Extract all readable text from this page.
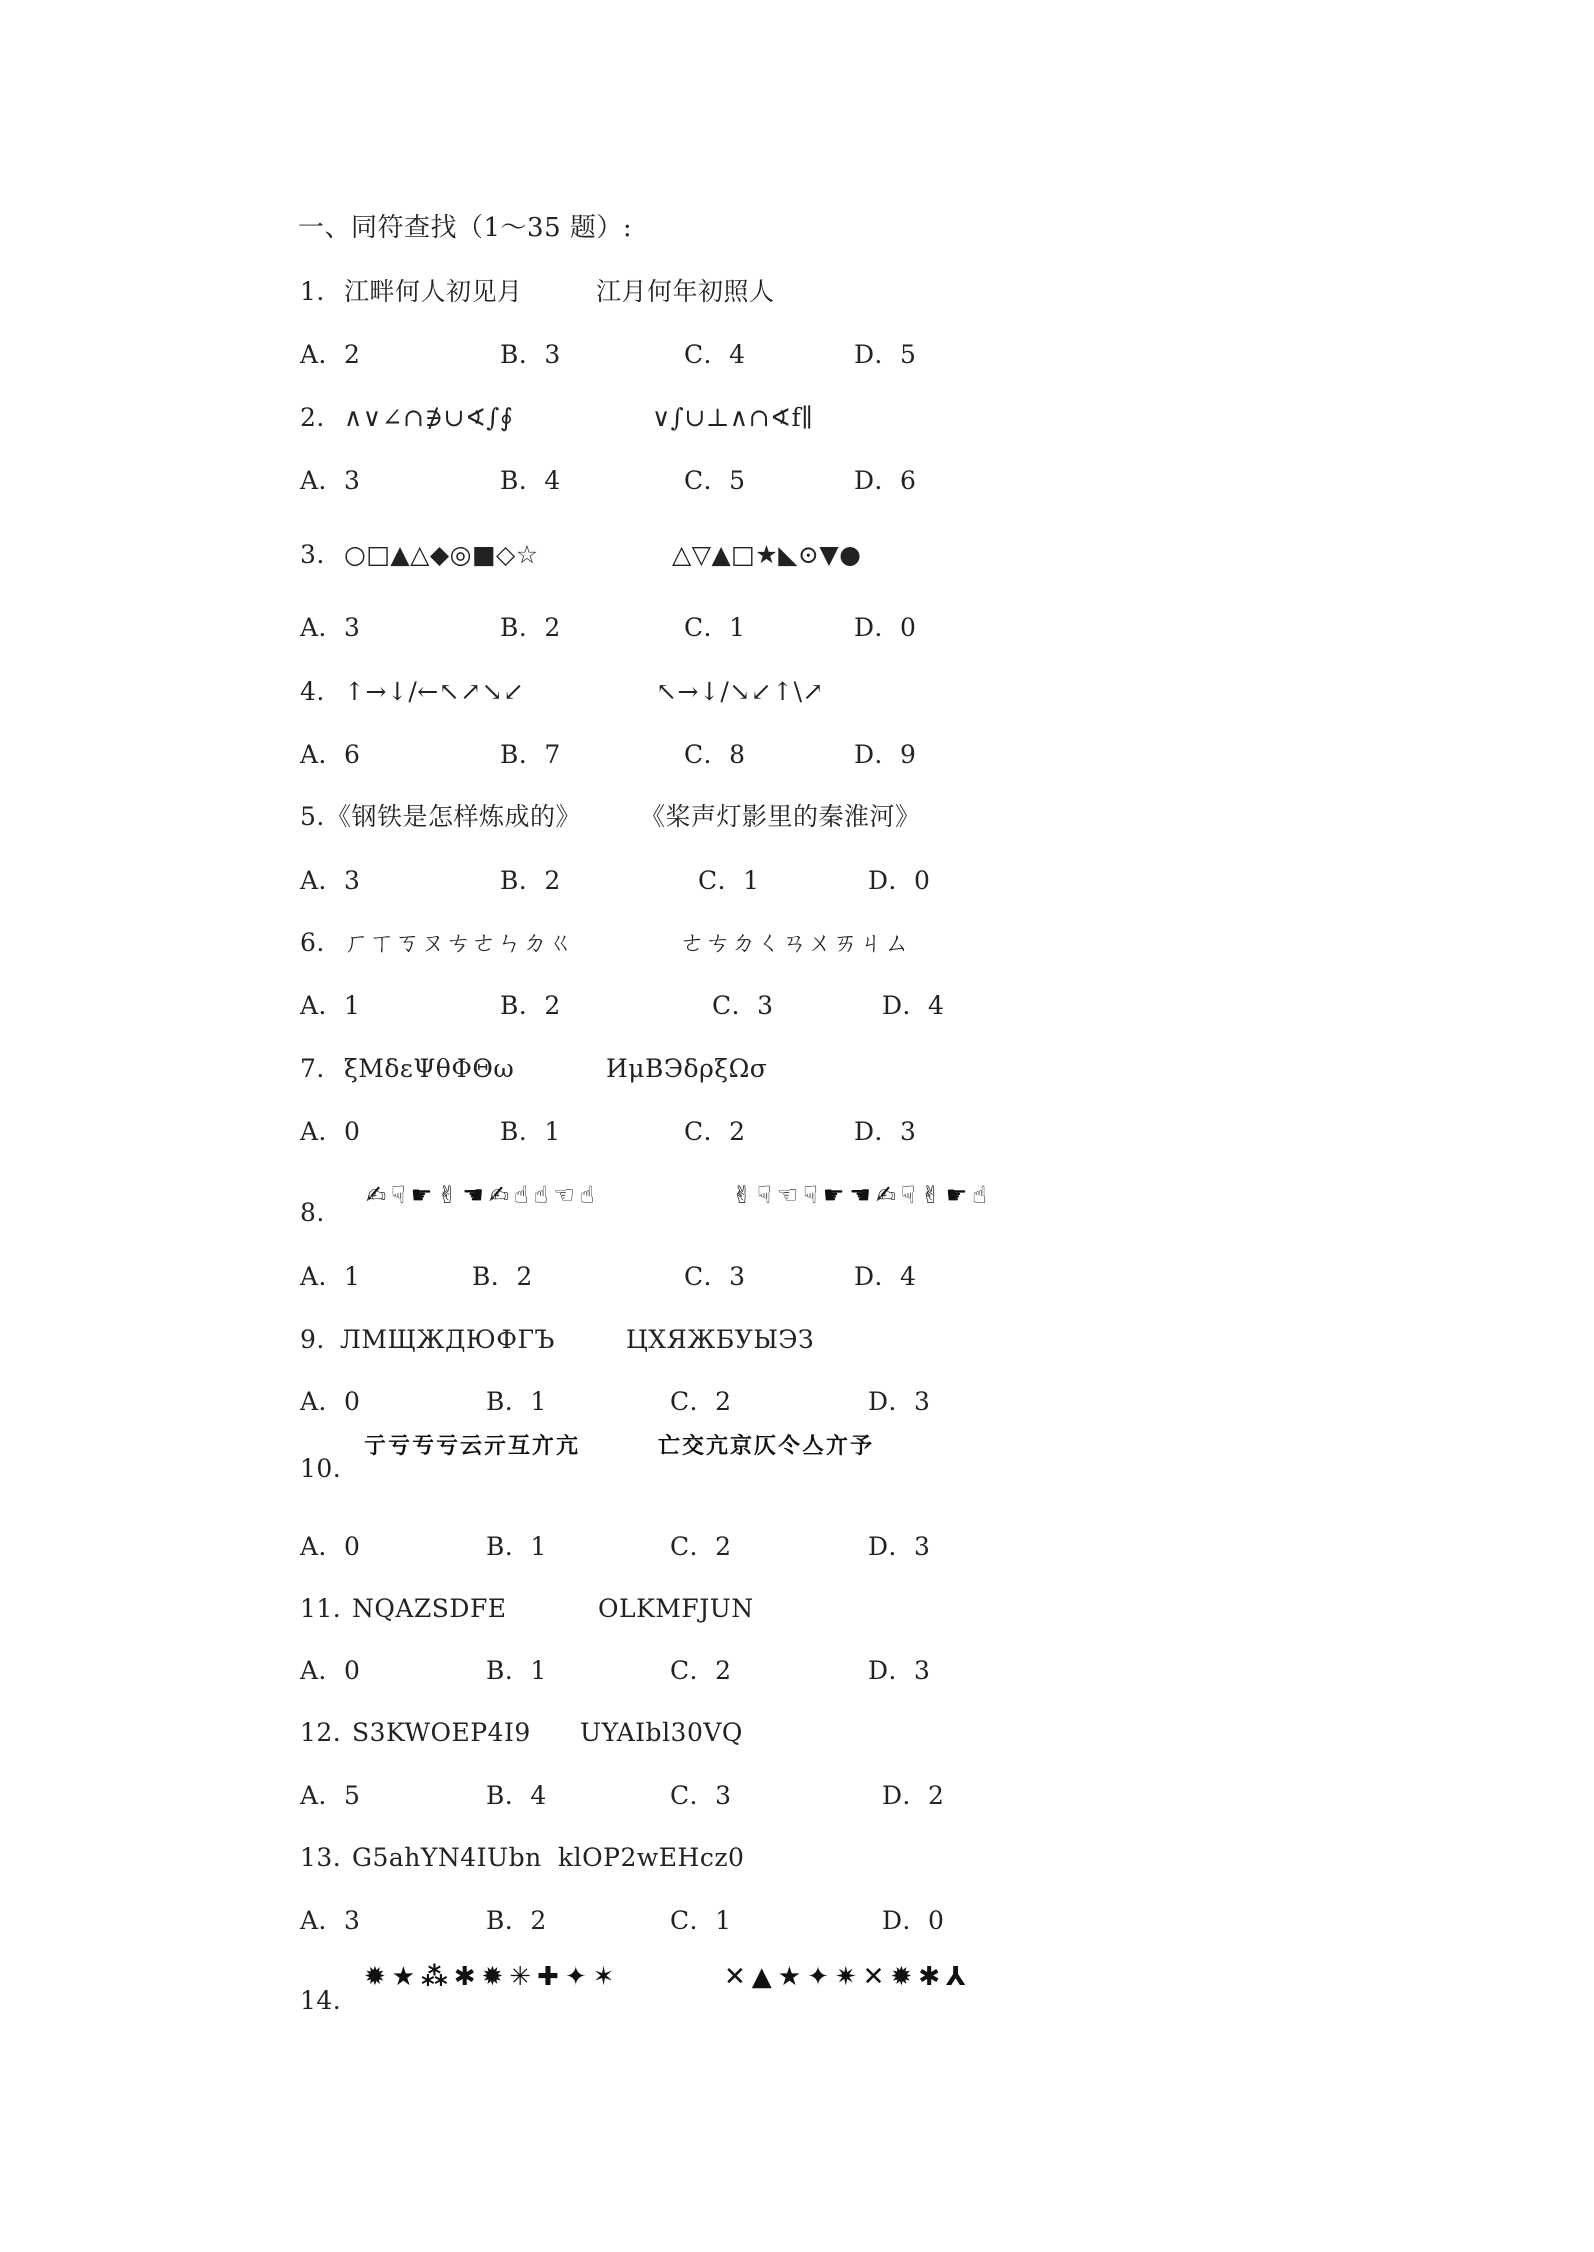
一、同符查找（1～35 题）:
1. 江畔何人初见月	江月何年初照人
A．2	B．3	C．4	D．5
2. ∧∨∠∩∌∪∢∫∮	∨∫∪⊥∧∩∢f∥
A．3	B．4	C．5	D．6
3. ○□▲△◆◎■◇☆	△▽▲□★◣⊙▼●
A．3	B．2	C．1	D．0
4. ↑→↓/←↖↗↘↙	↖→↓/↘↙↑\↗
A．6	B．7	C．8	D．9
5. 《钢铁是怎样炼成的》 《桨声灯影里的秦淮河》
A．3	B．2	C．1	D．0
6. ㄏㄒㄎㄡㄘㄜㄣㄉㄍ	ㄜㄘㄉㄑㄢㄨㄞㄐㄙ
A．1	B．2	C．3	D．4
7. ξMδεΨθΦΘω	ИμBЭδρξΩσ
A．0	B．1	C．2	D．3
8.
✍☟☛✌☚✍☝☝☜☝	✌☟☜☟☛☚✍☟✌☛☝
A．1	B．2	C．3	D．4
9. ЛМЩЖДЮФГЪ	ЦХЯЖБУЫЭЗ
A．0	B．1	C．2	D．3
10.
亍亏亐亏云亓互亣亢	亡交亢京仄仒亼亣予
A．0	B．1	C．2	D．3
11. NQAZSDFE	OLKMFJUN
A．0	B．1	C．2	D．3
12. S3KWOEP4I9 UYAIbl30VQ
A．5	B．4	C．3	D．2
13. G5ahYN4IUbn klOP2wEHcz0
A．3	B．2	C．1	D．0
14.
✹★⁂✱✹✳✚✦✶	✕▲★✦✷✕✹✱⅄
